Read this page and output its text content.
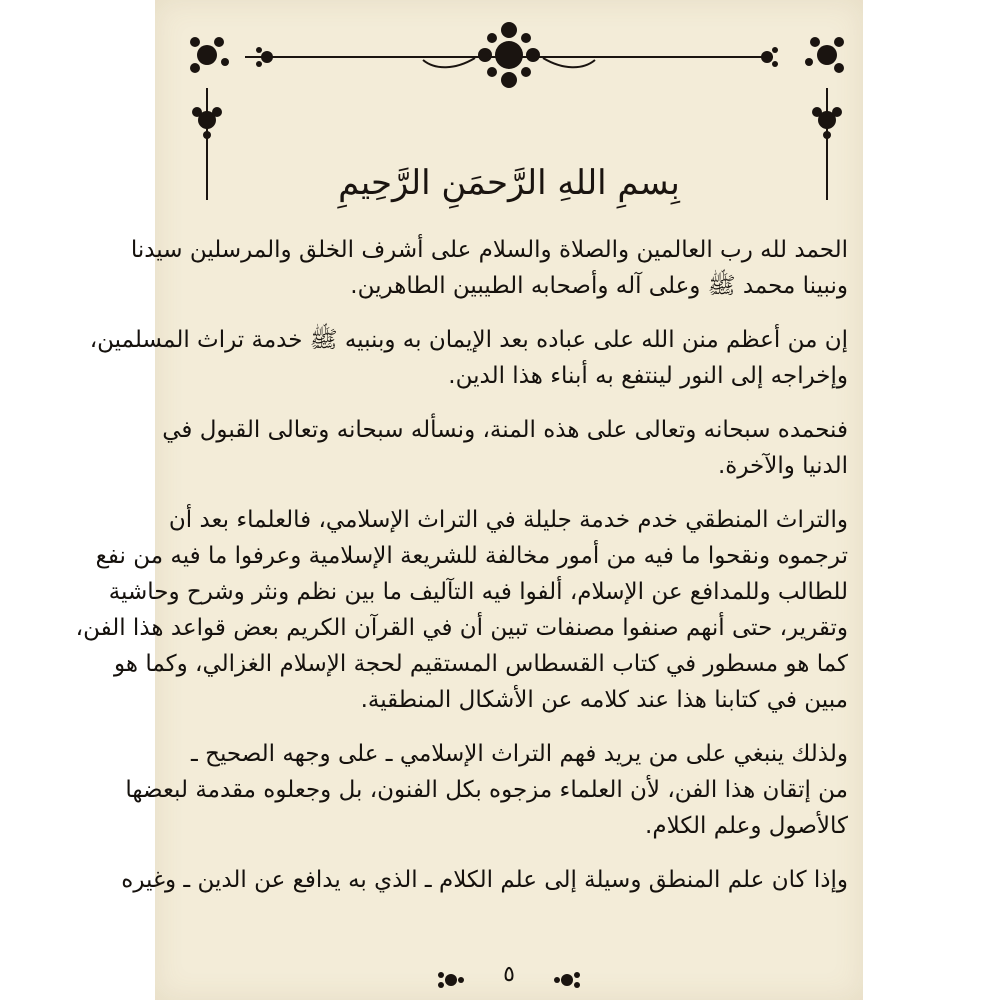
بِسمِ اللهِ الرَّحمَنِ الرَّحِيمِ

الحمد لله رب العالمين والصلاة والسلام على أشرف الخلق والمرسلين سيدنا
ونبينا محمد ﷺ وعلى آله وأصحابه الطيبين الطاهرين.

إن من أعظم منن الله على عباده بعد الإيمان به وبنبيه ﷺ خدمة تراث المسلمين،
وإخراجه إلى النور لينتفع به أبناء هذا الدين.

فنحمده سبحانه وتعالى على هذه المنة، ونسأله سبحانه وتعالى القبول في
الدنيا والآخرة.

والتراث المنطقي خدم خدمة جليلة في التراث الإسلامي، فالعلماء بعد أن
ترجموه ونقحوا ما فيه من أمور مخالفة للشريعة الإسلامية وعرفوا ما فيه من نفع
للطالب وللمدافع عن الإسلام، ألفوا فيه التآليف ما بين نظم ونثر وشرح وحاشية
وتقرير، حتى أنهم صنفوا مصنفات تبين أن في القرآن الكريم بعض قواعد هذا الفن،
كما هو مسطور في كتاب القسطاس المستقيم لحجة الإسلام الغزالي، وكما هو
مبين في كتابنا هذا عند كلامه عن الأشكال المنطقية.

ولذلك ينبغي على من يريد فهم التراث الإسلامي ـ على وجهه الصحيح ـ
من إتقان هذا الفن، لأن العلماء مزجوه بكل الفنون، بل وجعلوه مقدمة لبعضها
كالأصول وعلم الكلام.

وإذا كان علم المنطق وسيلة إلى علم الكلام ـ الذي به يدافع عن الدين ـ وغيره

٥
